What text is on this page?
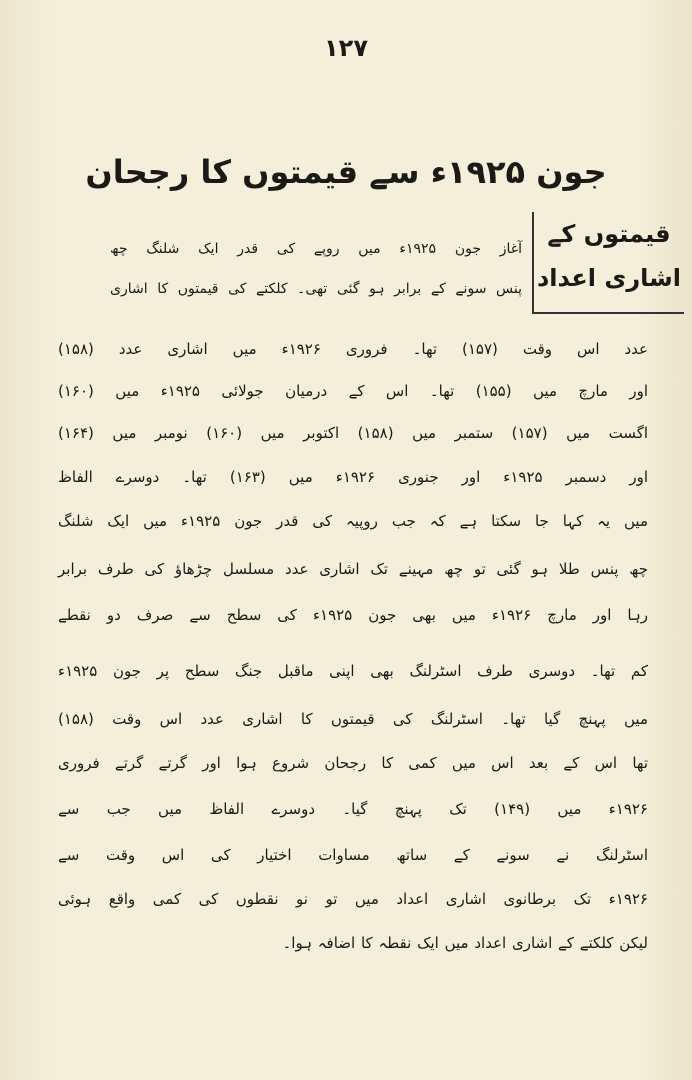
۱۲۷
جون ۱۹۲۵ء سے قیمتوں کا رجحان
قیمتوں کے
اشاری اعداد
آغاز جون ۱۹۲۵ء میں روپے کی قدر ایک شلنگ چھ
پنس سونے کے برابر ہو گئی تھی۔ کلکتے کی قیمتوں کا اشاری
عدد اس وقت (۱۵۷) تھا۔ فروری ۱۹۲۶ء میں اشاری عدد (۱۵۸)
اور مارچ میں (۱۵۵) تھا۔ اس کے درمیان جولائی ۱۹۲۵ء میں (۱۶۰)
اگست میں (۱۵۷) ستمبر میں (۱۵۸) اکتوبر میں (۱۶۰) نومبر میں (۱۶۴)
اور دسمبر ۱۹۲۵ء اور جنوری ۱۹۲۶ء میں (۱۶۳) تھا۔ دوسرے الفاظ
میں یہ کہا جا سکتا ہے کہ جب روپیہ کی قدر جون ۱۹۲۵ء میں ایک شلنگ
چھ پنس طلا ہو گئی تو چھ مہینے تک اشاری عدد مسلسل چڑھاؤ کی طرف برابر
رہا اور مارچ ۱۹۲۶ء میں بھی جون ۱۹۲۵ء کی سطح سے صرف دو نقطے
کم تھا۔ دوسری طرف اسٹرلنگ بھی اپنی ماقبل جنگ سطح پر جون ۱۹۲۵ء
میں پہنچ گیا تھا۔ اسٹرلنگ کی قیمتوں کا اشاری عدد اس وقت (۱۵۸)
تھا اس کے بعد اس میں کمی کا رجحان شروع ہوا اور گرتے گرتے فروری
۱۹۲۶ء میں (۱۴۹) تک پہنچ گیا۔ دوسرے الفاظ میں جب سے
اسٹرلنگ نے سونے کے ساتھ مساوات اختیار کی اس وقت سے
۱۹۲۶ء تک برطانوی اشاری اعداد میں تو نو نقطوں کی کمی واقع ہوئی
لیکن کلکتے کے اشاری اعداد میں ایک نقطہ کا اضافہ ہوا۔
